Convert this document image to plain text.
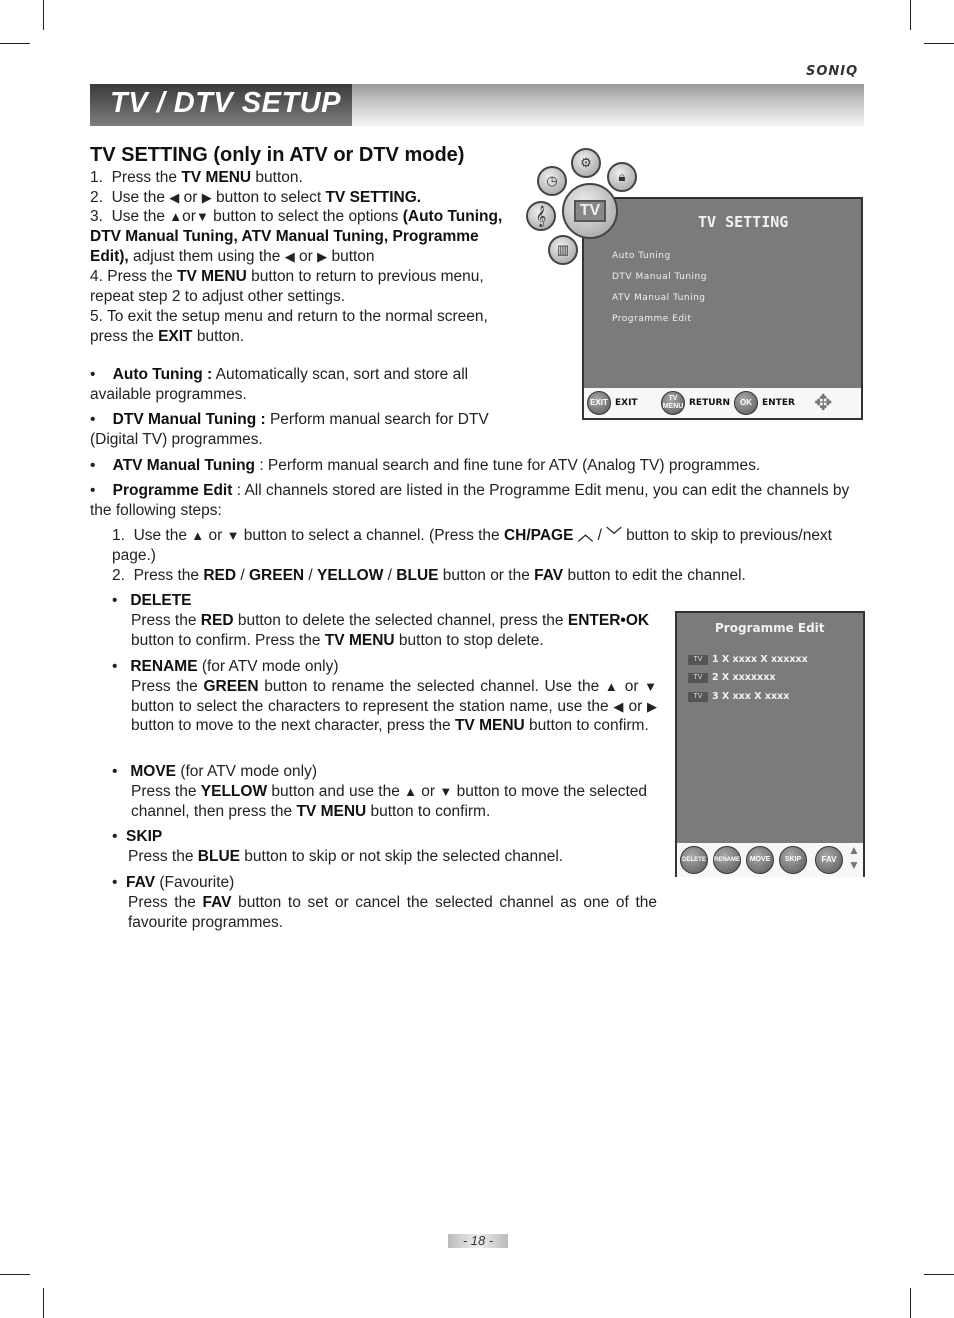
SONIQ
TV / DTV SETUP
TV SETTING (only in ATV or DTV mode)
1. Press the TV MENU button.
2. Use the ◀ or ▶ button to select TV SETTING.
3. Use the ▲or▼ button to select the options (Auto Tuning, DTV Manual Tuning, ATV Manual Tuning, Programme Edit), adjust them using the ◀ or ▶ button
4. Press the TV MENU button to return to previous menu, repeat step 2 to adjust other settings.
5. To exit the setup menu and return to the normal screen, press the EXIT button.
•    Auto Tuning : Automatically scan, sort and store all available programmes.
•    DTV Manual Tuning : Perform manual search for DTV (Digital TV) programmes.
•    ATV Manual Tuning : Perform manual search and fine tune for ATV (Analog TV) programmes.
•    Programme Edit : All channels stored are listed in the Programme Edit menu, you can edit the channels by the following steps:
1. Use the ▲ or ▼ button to select a channel. (Press the CH/PAGE ︿ / ﹀ button to skip to previous/next page.)
2. Press the RED / GREEN / YELLOW / BLUE button or the FAV button to edit the channel.
•   DELETE
Press the RED button to delete the selected channel, press the ENTER•OK
button to confirm. Press the TV MENU button to stop delete.
•   RENAME (for ATV mode only)
Press the GREEN button to rename the selected channel. Use the ▲ or ▼ button to select the characters to represent the station name, use the ◀ or ▶ button to move to the next character, press the TV MENU button to confirm.
•   MOVE (for ATV mode only)
Press the YELLOW button and use the ▲ or ▼ button to move the selected channel, then press the TV MENU button to confirm.
•  SKIP
Press the BLUE button to skip or not skip the selected channel.
•  FAV (Favourite)
Press the FAV button to set or cancel the selected channel as one of the favourite programmes.
⚙
🔒︎
◷
𝄞
▥
TV SETTING
Auto Tuning
DTV Manual Tuning
ATV Manual Tuning
Programme Edit
EXIT EXIT	TV MENU RETURN	OK	ENTER ✥
TV
Programme Edit
TV	1 X xxxx X xxxxxx
TV	2 X xxxxxxx
TV	3 X xxx X xxxx
DELETE	RENAME	MOVE	SKIP	FAV
▲
▼
- 18 -
